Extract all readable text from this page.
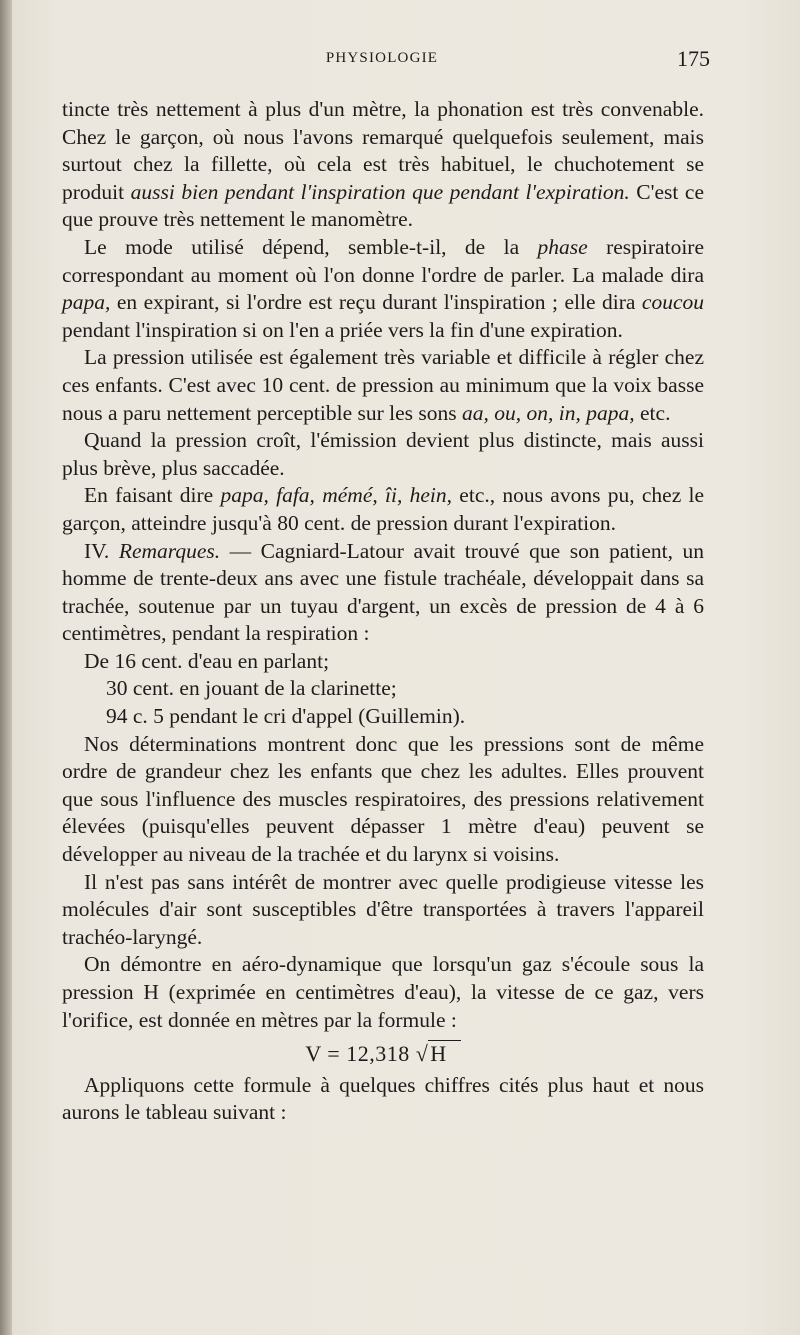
PHYSIOLOGIE	175

tincte très nettement à plus d'un mètre, la phonation est très convenable. Chez le garçon, où nous l'avons remarqué quelquefois seulement, mais surtout chez la fillette, où cela est très habituel, le chuchotement se produit aussi bien pendant l'inspiration que pendant l'expiration. C'est ce que prouve très nettement le manomètre.

Le mode utilisé dépend, semble-t-il, de la phase respiratoire correspondant au moment où l'on donne l'ordre de parler. La malade dira papa, en expirant, si l'ordre est reçu durant l'inspiration ; elle dira coucou pendant l'inspiration si on l'en a priée vers la fin d'une expiration.

La pression utilisée est également très variable et difficile à régler chez ces enfants. C'est avec 10 cent. de pression au minimum que la voix basse nous a paru nettement perceptible sur les sons aa, ou, on, in, papa, etc.

Quand la pression croît, l'émission devient plus distincte, mais aussi plus brève, plus saccadée.

En faisant dire papa, fafa, mémé, îi, hein, etc., nous avons pu, chez le garçon, atteindre jusqu'à 80 cent. de pression durant l'expiration.

IV. Remarques. — Cagniard-Latour avait trouvé que son patient, un homme de trente-deux ans avec une fistule trachéale, développait dans sa trachée, soutenue par un tuyau d'argent, un excès de pression de 4 à 6 centimètres, pendant la respiration :

De 16 cent. d'eau en parlant;

30 cent. en jouant de la clarinette;

94 c. 5 pendant le cri d'appel (Guillemin).

Nos déterminations montrent donc que les pressions sont de même ordre de grandeur chez les enfants que chez les adultes. Elles prouvent que sous l'influence des muscles respiratoires, des pressions relativement élevées (puisqu'elles peuvent dépasser 1 mètre d'eau) peuvent se développer au niveau de la trachée et du larynx si voisins.

Il n'est pas sans intérêt de montrer avec quelle prodigieuse vitesse les molécules d'air sont susceptibles d'être transportées à travers l'appareil trachéo-laryngé.

On démontre en aéro-dynamique que lorsqu'un gaz s'écoule sous la pression H (exprimée en centimètres d'eau), la vitesse de ce gaz, vers l'orifice, est donnée en mètres par la formule :

V = 12,318 √H

Appliquons cette formule à quelques chiffres cités plus haut et nous aurons le tableau suivant :
